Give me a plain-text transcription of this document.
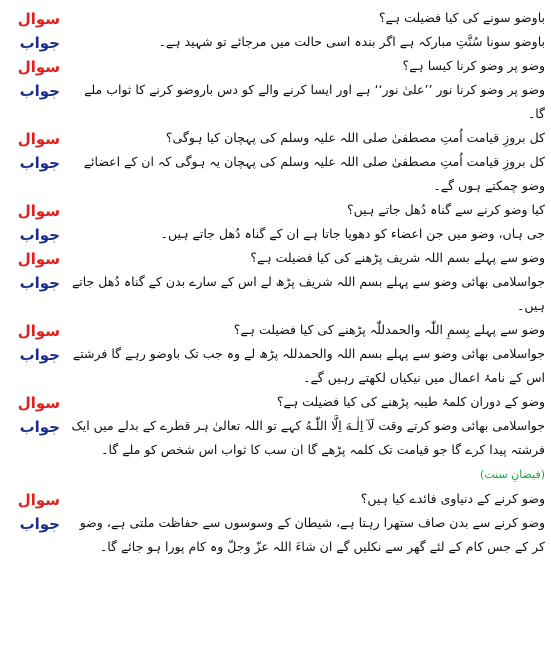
سوال	باوضو سونے کی کیا فضیلت ہے؟
جواب	باوضو سونا سُنَّتِ مبارکہ ہے اگر بندہ اسی حالت میں مرجائے تو شہید ہے۔
سوال	وضو پر وضو کرنا کیسا ہے؟
جواب	وضو پر وضو کرنا نور ’’علیٰ نور‘‘ ہے اور ایسا کرنے والے کو دس باروضو کرنے کا ثواب ملے گا۔
سوال	کل بروزِ قیامت اُمتِ مصطفیٰ صلی اللہ علیہ وسلم کی پہچان کیا ہوگی؟
جواب	کل بروزِ قیامت اُمتِ مصطفیٰ صلی اللہ علیہ وسلم کی پہچان یہ ہوگی کہ ان کے اعضائے وضو چمکتے ہوں گے۔
سوال	کیا وضو کرنے سے گناہ دُھل جاتے ہیں؟
جواب	جی ہاں، وضو میں جن اعضاء کو دھویا جاتا ہے ان کے گناہ دُھل جاتے ہیں۔
سوال	وضو سے پہلے بسم اللہ شریف پڑھنے کی کیا فضیلت ہے؟
جواب جواسلامی بھائی وضو سے پہلے بسم اللہ شریف پڑھ لے اس کے سارے بدن کے گناہ دُھل جاتے ہیں۔
سوال	وضو سے پہلے بِسمِ اللّٰہ والحمدللّٰہ پڑھنے کی کیا فضیلت ہے؟
جواب	جواسلامی بھائی وضو سے پہلے بسم اللہ والحمدللہ پڑھ لے وہ جب تک باوضو رہے گا فرشتے اس کے نامۂ اعمال میں نیکیاں لکھتے رہیں گے۔
سوال	وضو کے دوران کلمۂ طیبہ پڑھنے کی کیا فضیلت ہے؟
جواب جواسلامی بھائی وضو کرتے وقت لَآ اِلٰـهَ اِلَّا اللّٰـهُ کہے تو اللہ تعالیٰ ہر قطرے کے بدلے میں ایک فرشتہ پیدا کرے گا جو قیامت تک کلمہ پڑھے گا ان سب کا ثواب اس شخص کو ملے گا۔ (فیضانِ سنت)
سوال	وضو کرنے کے دنیاوی فائدے کیا ہیں؟
جواب	وضو کرنے سے بدن صاف ستھرا رہتا ہے، شیطان کے وسوسوں سے حفاظت ملتی ہے، وضو کر کے جس کام کے لئے گھر سے نکلیں گے ان شاءَ اللہ عزّ وجلّ وہ کام پورا ہو جائے گا۔
